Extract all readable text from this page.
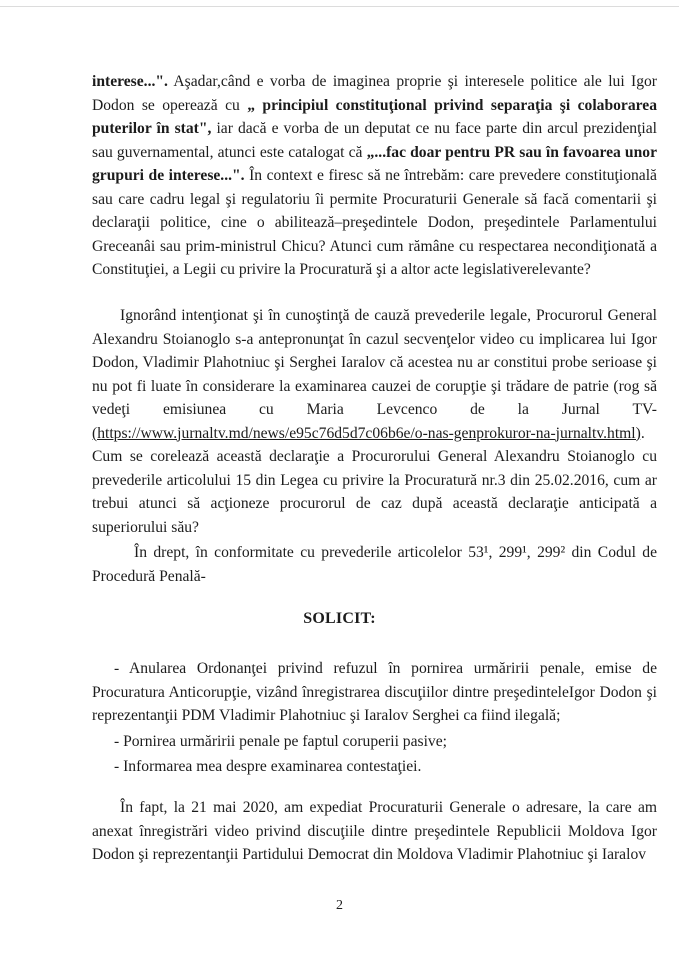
interese...". Aşadar,când e vorba de imaginea proprie şi interesele politice ale lui Igor Dodon se operează cu „ principiul constituţional privind separaţia şi colaborarea puterilor în stat", iar dacă e vorba de un deputat ce nu face parte din arcul prezidenţial sau guvernamental, atunci este catalogat că „...fac doar pentru PR sau în favoarea unor grupuri de interese...". În context e firesc să ne întrebăm: care prevedere constituţională sau care cadru legal şi regulatoriu îi permite Procuraturii Generale să facă comentarii şi declaraţii politice, cine o abilitează–preşedintele Dodon, preşedintele Parlamentului Greceanâi sau prim-ministrul Chicu? Atunci cum rămâne cu respectarea necondiţionată a Constituţiei, a Legii cu privire la Procuratură şi a altor acte legislativerelevante?

Ignorând intenţionat şi în cunoştinţă de cauză prevederile legale, Procurorul General Alexandru Stoianoglo s-a antepronunţat în cazul secvenţelor video cu implicarea lui Igor Dodon, Vladimir Plahotniuc şi Serghei Iaralov că acestea nu ar constitui probe serioase şi nu pot fi luate în considerare la examinarea cauzei de corupţie şi trădare de patrie (rog să vedeţi emisiunea cu Maria Levcenco de la Jurnal TV-(https://www.jurnaltv.md/news/e95c76d5d7c06b6e/o-nas-genprokuror-na-jurnaltv.html). Cum se corelează această declaraţie a Procurorului General Alexandru Stoianoglo cu prevederile articolului 15 din Legea cu privire la Procuratură nr.3 din 25.02.2016, cum ar trebui atunci să acţioneze procurorul de caz după această declaraţie anticipată a superiorului său?

În drept, în conformitate cu prevederile articolelor 53¹, 299¹, 299² din Codul de Procedură Penală-

SOLICIT:
- Anularea Ordonanţei privind refuzul în pornirea urmăririi penale, emise de Procuratura Anticorupţie, vizând înregistrarea discuţiilor dintre preşedinteleIgor Dodon şi reprezentanţii PDM Vladimir Plahotniuc şi Iaralov Serghei ca fiind ilegală;
- Pornirea urmăririi penale pe faptul coruperii pasive;
- Informarea mea despre examinarea contestaţiei.

În fapt, la 21 mai 2020, am expediat Procuraturii Generale o adresare, la care am anexat înregistrări video privind discuţiile dintre preşedintele Republicii Moldova Igor Dodon şi reprezentanţii Partidului Democrat din Moldova Vladimir Plahotniuc şi Iaralov

2
